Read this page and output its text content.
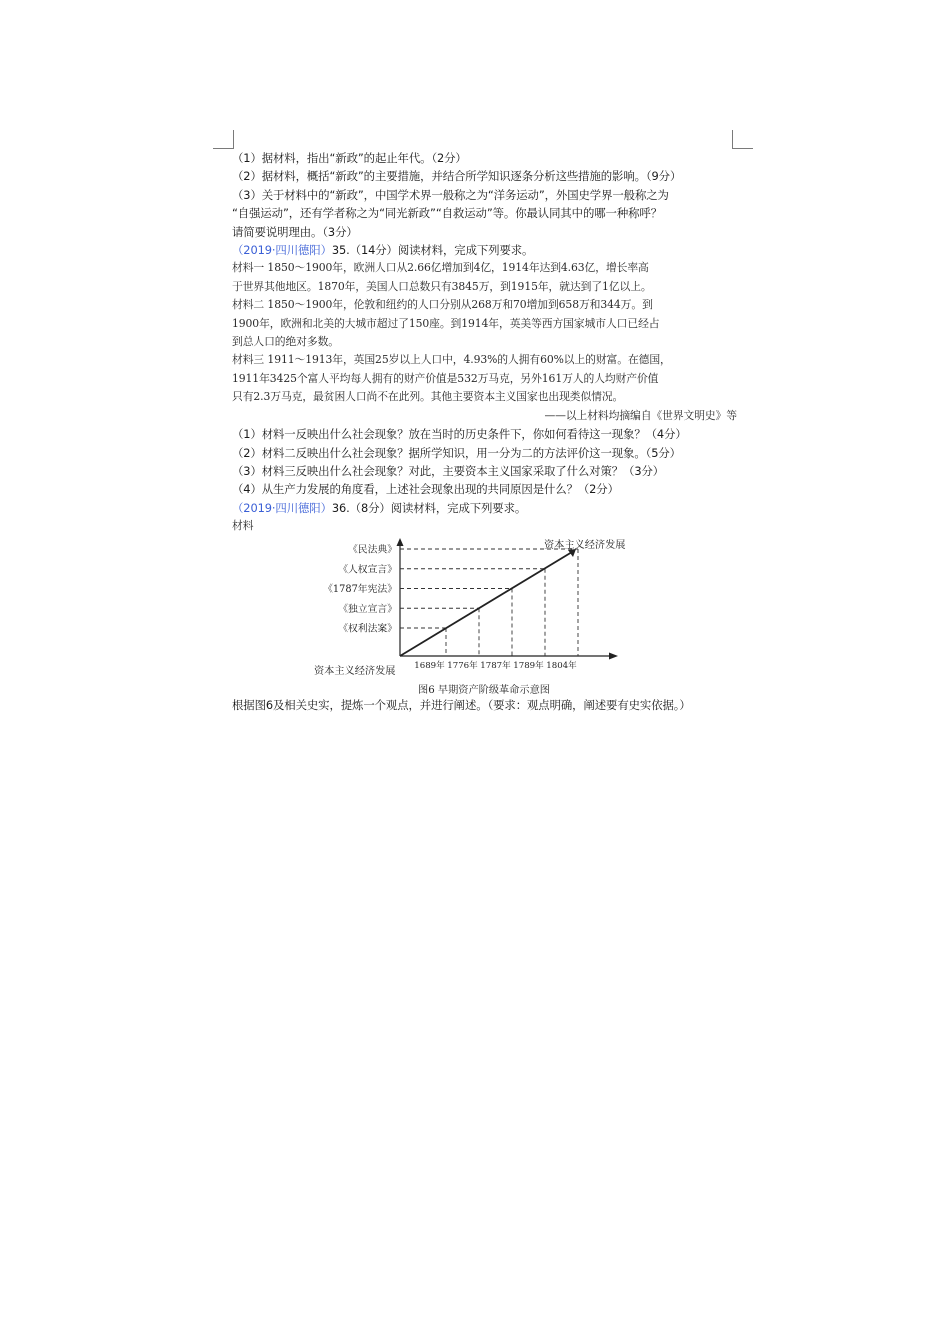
（1）据材料，指出“新政”的起止年代。（2分）
（2）据材料，概括“新政”的主要措施，并结合所学知识逐条分析这些措施的影响。（9分）
（3）关于材料中的“新政”，中国学术界一般称之为“洋务运动”，外国史学界一般称之为
“自强运动”，还有学者称之为“同光新政”“自救运动”等。你最认同其中的哪一种称呼？
请简要说明理由。（3分）
（2019·四川德阳）35.（14分）阅读材料，完成下列要求。
材料一 1850～1900年，欧洲人口从2.66亿增加到4亿，1914年达到4.63亿，增长率高
于世界其他地区。1870年，美国人口总数只有3845万，到1915年，就达到了1亿以上。
材料二 1850～1900年，伦敦和纽约的人口分别从268万和70增加到658万和344万。到
1900年，欧洲和北美的大城市超过了150座。到1914年，英美等西方国家城市人口已经占
到总人口的绝对多数。
材料三 1911～1913年，英国25岁以上人口中，4.93%的人拥有60%以上的财富。在德国，
1911年3425个富人平均每人拥有的财产价值是532万马克，另外161万人的人均财产价值
只有2.3万马克，最贫困人口尚不在此列。其他主要资本主义国家也出现类似情况。
——以上材料均摘编自《世界文明史》等
（1）材料一反映出什么社会现象？放在当时的历史条件下，你如何看待这一现象？（4分）
（2）材料二反映出什么社会现象？据所学知识，用一分为二的方法评价这一现象。（5分）
（3）材料三反映出什么社会现象？对此，主要资本主义国家采取了什么对策？（3分）
（4）从生产力发展的角度看，上述社会现象出现的共同原因是什么？（2分）
（2019·四川德阳）36.（8分）阅读材料，完成下列要求。
材料
《权利法案》
1689年
《独立宣言》
1776年
《1787年宪法》
1787年
《人权宣言》
1789年
《民法典》
1804年
资本主义经济发展
资本主义经济发展
图6 早期资产阶级革命示意图
根据图6及相关史实，提炼一个观点，并进行阐述。（要求：观点明确，阐述要有史实依据。）
